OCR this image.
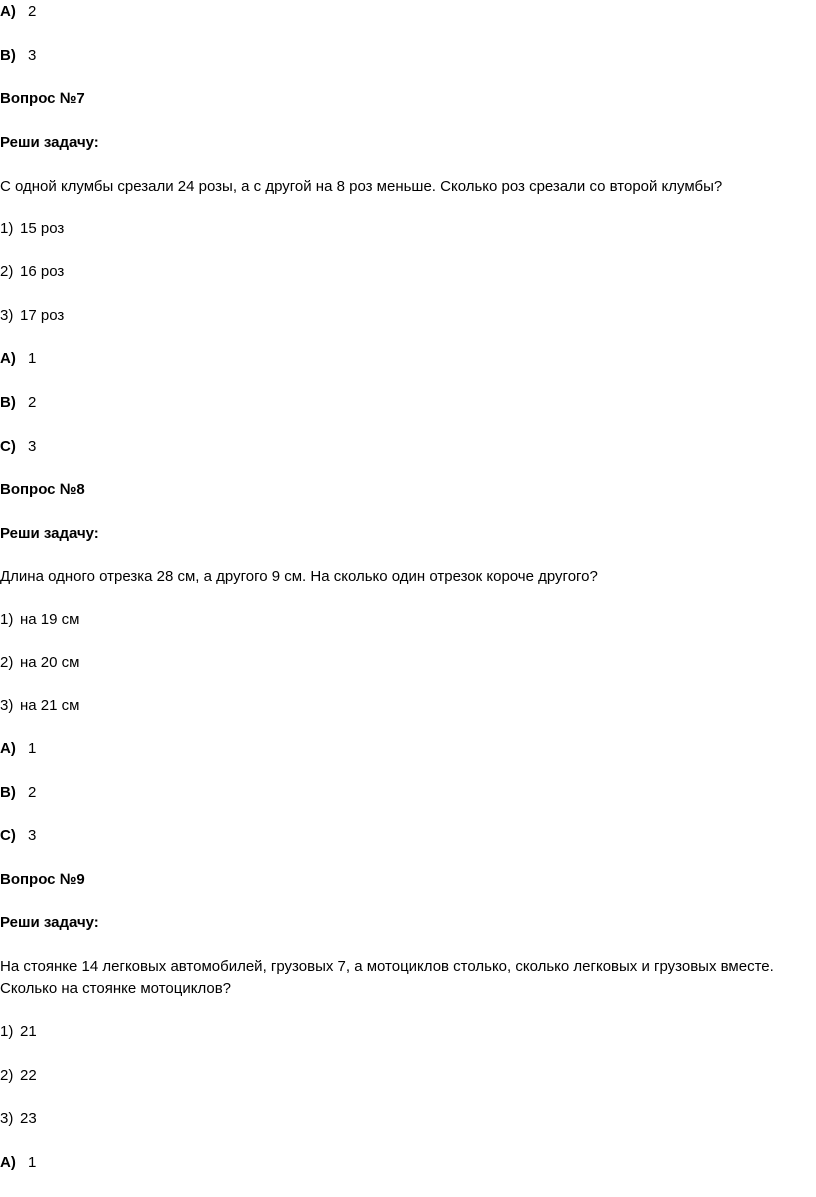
A) 2
B) 3
Вопрос №7
Реши задачу:
С одной клумбы срезали 24 розы, а с другой на 8 роз меньше. Сколько роз срезали со второй клумбы?
1) 15 роз
2) 16 роз
3) 17 роз
A) 1
B) 2
C) 3
Вопрос №8
Реши задачу:
Длина одного отрезка 28 см, а другого 9 см. На сколько один отрезок короче другого?
1) на 19 см
2) на 20 см
3) на 21 см
A) 1
B) 2
C) 3
Вопрос №9
Реши задачу:
На стоянке 14 легковых автомобилей, грузовых 7, а мотоциклов столько, сколько легковых и грузовых вместе. Сколько на стоянке мотоциклов?
1) 21
2) 22
3) 23
A) 1
